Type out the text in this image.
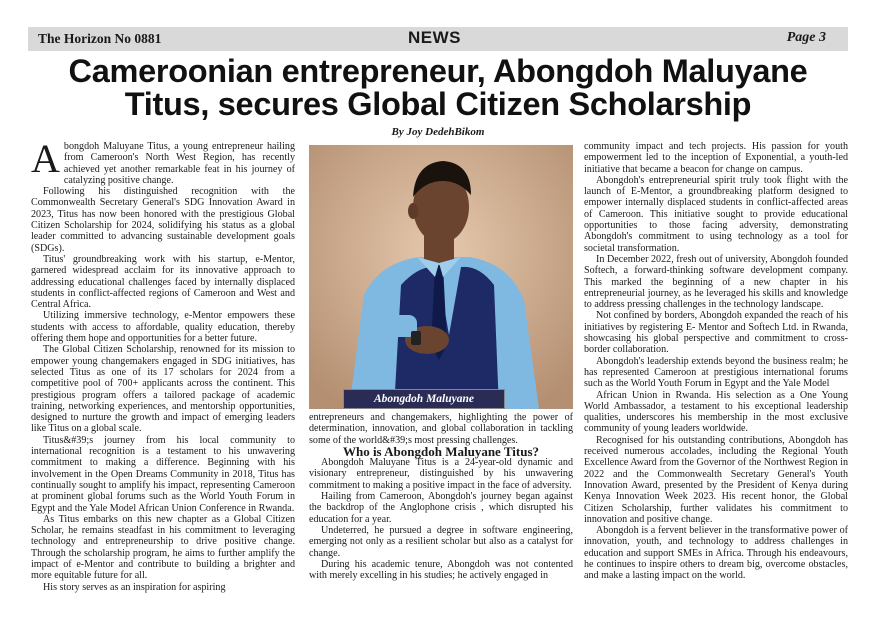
The Horizon No 0881	NEWS	Page 3
Cameroonian entrepreneur, Abongdoh Maluyane
Titus, secures Global Citizen Scholarship
By Joy DedehBikom

Abongdoh Maluyane Titus, a young entrepreneur hailing from Cameroon's North West Region, has recently achieved yet another remarkable feat in his journey of catalyzing positive change.

Following his distinguished recognition with the Commonwealth Secretary General's SDG Innovation Award in 2023, Titus has now been honored with the prestigious Global Citizen Scholarship for 2024, solidifying his status as a global leader committed to advancing sustainable development goals (SDGs).

Titus' groundbreaking work with his startup, e-Mentor, garnered widespread acclaim for its innovative approach to addressing educational challenges faced by internally displaced students in conflict-affected regions of Cameroon and West and Central Africa.

Utilizing immersive technology, e-Mentor empowers these students with access to affordable, quality education, thereby offering them hope and opportunities for a better future.

The Global Citizen Scholarship, renowned for its mission to empower young changemakers engaged in SDG initiatives, has selected Titus as one of its 17 scholars for 2024 from a competitive pool of 700+ applicants across the continent. This prestigious program offers a tailored package of academic training, networking experiences, and mentorship opportunities, designed to nurture the growth and impact of emerging leaders like Titus on a global scale.

Titus&#39;s journey from his local community to international recognition is a testament to his unwavering commitment to making a difference. Beginning with his involvement in the Open Dreams Community in 2018, Titus has continually sought to amplify his impact, representing Cameroon at prominent global forums such as the World Youth Forum in Egypt and the Yale Model African Union Conference in Rwanda.

As Titus embarks on this new chapter as a Global Citizen Scholar, he remains steadfast in his commitment to leveraging technology and entrepreneurship to drive positive change. Through the scholarship program, he aims to further amplify the impact of e-Mentor and contribute to building a brighter and more equitable future for all.

His story serves as an inspiration for aspiring

Abongdoh Maluyane

entrepreneurs and changemakers, highlighting the power of determination, innovation, and global collaboration in tackling some of the world&#39;s most pressing challenges.

Who is Abongdoh Maluyane Titus?

Abongdoh Maluyane Titus is a 24-year-old dynamic and visionary entrepreneur, distinguished by his unwavering commitment to making a positive impact in the face of adversity.

Hailing from Cameroon, Abongdoh's journey began against the backdrop of the Anglophone crisis , which disrupted his education for a year.

Undeterred, he pursued a degree in software engineering, emerging not only as a resilient scholar but also as a catalyst for change.

During his academic tenure, Abongdoh was not contented with merely excelling in his studies; he actively engaged in

community impact and tech projects. His passion for youth empowerment led to the inception of Exponential, a youth-led initiative that became a beacon for change on campus.

Abongdoh's entrepreneurial spirit truly took flight with the launch of E-Mentor, a groundbreaking platform designed to empower internally displaced students in conflict-affected areas of Cameroon. This initiative sought to provide educational opportunities to those facing adversity, demonstrating Abongdoh's commitment to using technology as a tool for societal transformation.

In December 2022, fresh out of university, Abongdoh founded Softech, a forward-thinking software development company. This marked the beginning of a new chapter in his entrepreneurial journey, as he leveraged his skills and knowledge to address pressing challenges in the technology landscape.

Not confined by borders, Abongdoh expanded the reach of his initiatives by registering E- Mentor and Softech Ltd. in Rwanda, showcasing his global perspective and commitment to cross-border collaboration.

Abongdoh's leadership extends beyond the business realm; he has represented Cameroon at prestigious international forums such as the World Youth Forum in Egypt and the Yale Model

African Union in Rwanda. His selection as a One Young World Ambassador, a testament to his exceptional leadership qualities, underscores his membership in the most exclusive community of young leaders worldwide.

Recognised for his outstanding contributions, Abongdoh has received numerous accolades, including the Regional Youth Excellence Award from the Governor of the Northwest Region in 2022 and the Commonwealth Secretary General's Youth Innovation Award, presented by the President of Kenya during Kenya Innovation Week 2023. His recent honor, the Global Citizen Scholarship, further validates his commitment to innovation and positive change.

Abongdoh is a fervent believer in the transformative power of innovation, youth, and technology to address challenges in education and support SMEs in Africa. Through his endeavours, he continues to inspire others to dream big, overcome obstacles, and make a lasting impact on the world.
